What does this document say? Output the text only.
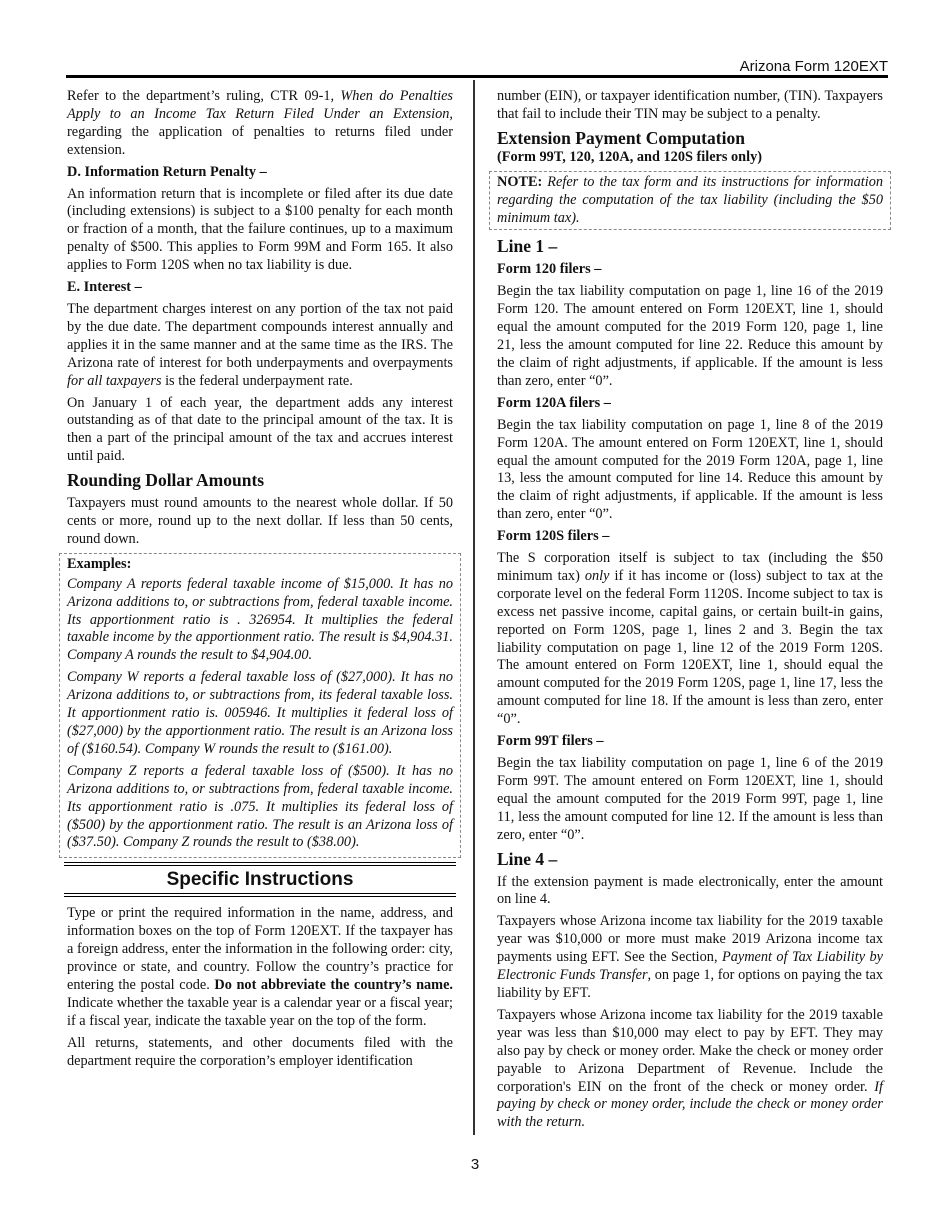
Arizona Form 120EXT

Refer to the department’s ruling, CTR 09-1, When do Penalties Apply to an Income Tax Return Filed Under an Extension, regarding the application of penalties to returns filed under extension.

D. Information Return Penalty –

An information return that is incomplete or filed after its due date (including extensions) is subject to a $100 penalty for each month or fraction of a month, that the failure continues, up to a maximum penalty of $500. This applies to Form 99M and Form 165. It also applies to Form 120S when no tax liability is due.

E. Interest –

The department charges interest on any portion of the tax not paid by the due date. The department compounds interest annually and applies it in the same manner and at the same time as the IRS. The Arizona rate of interest for both underpayments and overpayments for all taxpayers is the federal underpayment rate.

On January 1 of each year, the department adds any interest outstanding as of that date to the principal amount of the tax. It is then a part of the principal amount of the tax and accrues interest until paid.

Rounding Dollar Amounts

Taxpayers must round amounts to the nearest whole dollar. If 50 cents or more, round up to the next dollar. If less than 50 cents, round down.

Examples:

Company A reports federal taxable income of $15,000. It has no Arizona additions to, or subtractions from, federal taxable income. Its apportionment ratio is . 326954. It multiplies the federal taxable income by the apportionment ratio. The result is $4,904.31. Company A rounds the result to $4,904.00.

Company W reports a federal taxable loss of ($27,000). It has no Arizona additions to, or subtractions from, its federal taxable loss. It apportionment ratio is. 005946. It multiplies it federal loss of ($27,000) by the apportionment ratio. The result is an Arizona loss of ($160.54). Company W rounds the result to ($161.00).

Company Z reports a federal taxable loss of ($500). It has no Arizona additions to, or subtractions from, federal taxable income. Its apportionment ratio is .075. It multiplies its federal loss of ($500) by the apportionment ratio. The result is an Arizona loss of ($37.50). Company Z rounds the result to ($38.00).

Specific Instructions

Type or print the required information in the name, address, and information boxes on the top of Form 120EXT. If the taxpayer has a foreign address, enter the information in the following order: city, province or state, and country. Follow the country’s practice for entering the postal code. Do not abbreviate the country’s name. Indicate whether the taxable year is a calendar year or a fiscal year; if a fiscal year, indicate the taxable year on the top of the form.

All returns, statements, and other documents filed with the department require the corporation’s employer identification

number (EIN), or taxpayer identification number, (TIN). Taxpayers that fail to include their TIN may be subject to a penalty.

Extension Payment Computation

(Form 99T, 120, 120A, and 120S filers only)

NOTE: Refer to the tax form and its instructions for information regarding the computation of the tax liability (including the $50 minimum tax).

Line 1 –

Form 120 filers –

Begin the tax liability computation on page 1, line 16 of the 2019 Form 120. The amount entered on Form 120EXT, line 1, should equal the amount computed for the 2019 Form 120, page 1, line 21, less the amount computed for line 22. Reduce this amount by the claim of right adjustments, if applicable. If the amount is less than zero, enter “0”.

Form 120A filers –

Begin the tax liability computation on page 1, line 8 of the 2019 Form 120A. The amount entered on Form 120EXT, line 1, should equal the amount computed for the 2019 Form 120A, page 1, line 13, less the amount computed for line 14. Reduce this amount by the claim of right adjustments, if applicable. If the amount is less than zero, enter “0”.

Form 120S filers –

The S corporation itself is subject to tax (including the $50 minimum tax) only if it has income or (loss) subject to tax at the corporate level on the federal Form 1120S. Income subject to tax is excess net passive income, capital gains, or certain built-in gains, reported on Form 120S, page 1, lines 2 and 3. Begin the tax liability computation on page 1, line 12 of the 2019 Form 120S. The amount entered on Form 120EXT, line 1, should equal the amount computed for the 2019 Form 120S, page 1, line 17, less the amount computed for line 18. If the amount is less than zero, enter “0”.

Form 99T filers –

Begin the tax liability computation on page 1, line 6 of the 2019 Form 99T. The amount entered on Form 120EXT, line 1, should equal the amount computed for the 2019 Form 99T, page 1, line 11, less the amount computed for line 12. If the amount is less than zero, enter “0”.

Line 4 –

If the extension payment is made electronically, enter the amount on line 4.

Taxpayers whose Arizona income tax liability for the 2019 taxable year was $10,000 or more must make 2019 Arizona income tax payments using EFT. See the Section, Payment of Tax Liability by Electronic Funds Transfer, on page 1, for options on paying the tax liability by EFT.

Taxpayers whose Arizona income tax liability for the 2019 taxable year was less than $10,000 may elect to pay by EFT. They may also pay by check or money order. Make the check or money order payable to Arizona Department of Revenue. Include the corporation's EIN on the front of the check or money order. If paying by check or money order, include the check or money order with the return.

3
